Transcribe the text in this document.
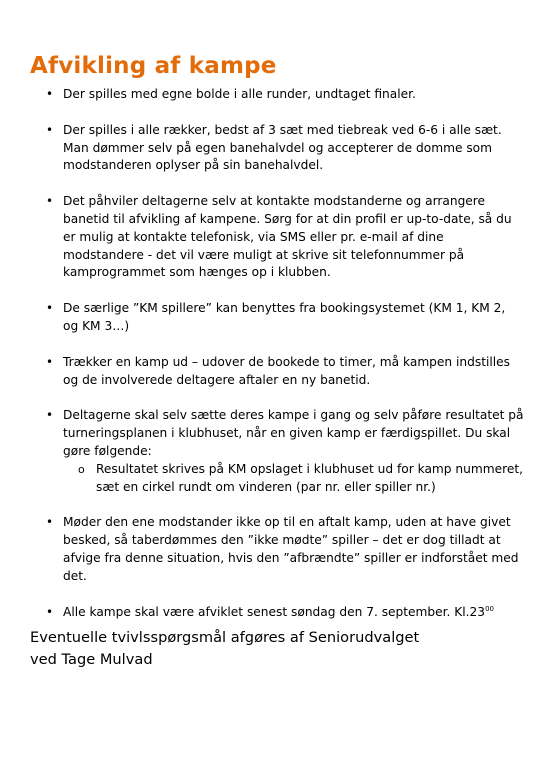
Afvikling af kampe
• Der spilles med egne bolde i alle runder, undtaget finaler.
• Der spilles i alle rækker, bedst af 3 sæt med tiebreak ved 6-6 i alle sæt. Man dømmer selv på egen banehalvdel og accepterer de domme som modstanderen oplyser på sin banehalvdel.
• Det påhviler deltagerne selv at kontakte modstanderne og arrangere banetid til afvikling af kampene. Sørg for at din profil er up-to-date, så du er mulig at kontakte telefonisk, via SMS eller pr. e-mail af dine modstandere - det vil være muligt at skrive sit telefonnummer på kamprogrammet som hænges op i klubben.
• De særlige ”KM spillere” kan benyttes fra bookingsystemet (KM 1, KM 2, og KM 3…)
• Trækker en kamp ud – udover de bookede to timer, må kampen indstilles og de involverede deltagere aftaler en ny banetid.
• Deltagerne skal selv sætte deres kampe i gang og selv påføre resultatet på turneringsplanen i klubhuset, når en given kamp er færdigspillet. Du skal gøre følgende:
o Resultatet skrives på KM opslaget i klubhuset ud for kamp nummeret, sæt en cirkel rundt om vinderen (par nr. eller spiller nr.)
• Møder den ene modstander ikke op til en aftalt kamp, uden at have givet besked, så taberdømmes den ”ikke mødte” spiller – det er dog tilladt at afvige fra denne situation, hvis den ”afbrændte” spiller er indforstået med det.
• Alle kampe skal være afviklet senest søndag den 7. september. $Kl.23^{00}$
Eventuelle tvivlsspørgsmål afgøres af Seniorudvalget
ved Tage Mulvad
